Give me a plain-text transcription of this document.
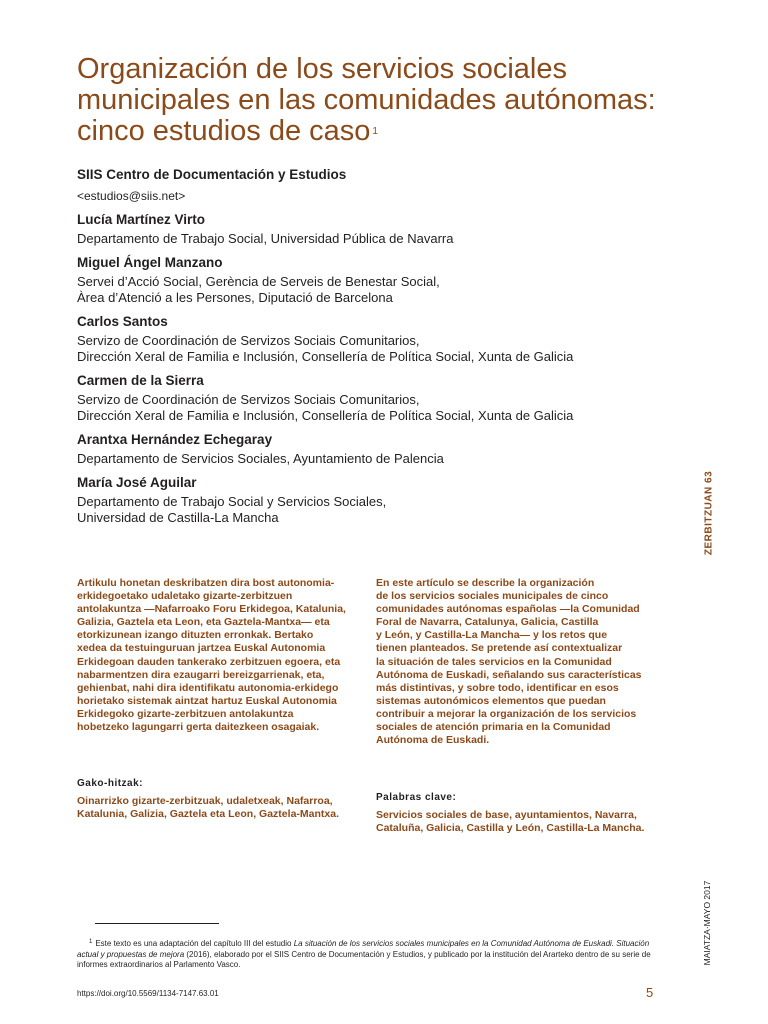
Organización de los servicios sociales municipales en las comunidades autónomas: cinco estudios de caso $^1$

SIIS Centro de Documentación y Estudios

<estudios@siis.net>

Lucía Martínez Virto

Departamento de Trabajo Social, Universidad Pública de Navarra

Miguel Ángel Manzano

Servei d’Acció Social, Gerència de Serveis de Benestar Social,
Àrea d’Atenció a les Persones, Diputació de Barcelona

Carlos Santos

Servizo de Coordinación de Servizos Sociais Comunitarios,
Dirección Xeral de Familia e Inclusión, Consellería de Política Social, Xunta de Galicia

Carmen de la Sierra

Servizo de Coordinación de Servizos Sociais Comunitarios,
Dirección Xeral de Familia e Inclusión, Consellería de Política Social, Xunta de Galicia

Arantxa Hernández Echegaray

Departamento de Servicios Sociales, Ayuntamiento de Palencia

María José Aguilar

Departamento de Trabajo Social y Servicios Sociales,
Universidad de Castilla-La Mancha

Artikulu honetan deskribatzen dira bost autonomia-
erkidegoetako udaletako gizarte-zerbitzuen
antolakuntza —Nafarroako Foru Erkidegoa, Katalunia,
Galizia, Gaztela eta Leon, eta Gaztela-Mantxa— eta
etorkizunean izango dituzten erronkak. Bertako
xedea da testuinguruan jartzea Euskal Autonomia
Erkidegoan dauden tankerako zerbitzuen egoera, eta
nabarmentzen dira ezaugarri bereizgarrienak, eta,
gehienbat, nahi dira identifikatu autonomia-erkidego
horietako sistemak aintzat hartuz Euskal Autonomia
Erkidegoko gizarte-zerbitzuen antolakuntza
hobetzeko lagungarri gerta daitezkeen osagaiak.

En este artículo se describe la organización
de los servicios sociales municipales de cinco
comunidades autónomas españolas —la Comunidad
Foral de Navarra, Catalunya, Galicia, Castilla
y León, y Castilla-La Mancha— y los retos que
tienen planteados. Se pretende así contextualizar
la situación de tales servicios en la Comunidad
Autónoma de Euskadi, señalando sus características
más distintivas, y sobre todo, identificar en esos
sistemas autonómicos elementos que puedan
contribuir a mejorar la organización de los servicios
sociales de atención primaria en la Comunidad
Autónoma de Euskadi.

Gako-hitzak:

Oinarrizko gizarte-zerbitzuak, udaletxeak, Nafarroa,
Katalunia, Galizia, Gaztela eta Leon, Gaztela-Mantxa.

Palabras clave:

Servicios sociales de base, ayuntamientos, Navarra,
Cataluña, Galicia, Castilla y León, Castilla-La Mancha.

ZERBITZUAN 63
MAIATZA·MAYO 2017

$^1$ Este texto es una adaptación del capítulo III del estudio La situación de los servicios sociales municipales en la Comunidad Autónoma de Euskadi. Situación actual y propuestas de mejora (2016), elaborado por el SIIS Centro de Documentación y Estudios, y publicado por la institución del Ararteko dentro de su serie de informes extraordinarios al Parlamento Vasco.

https://doi.org/10.5569/1134-7147.63.01	5
